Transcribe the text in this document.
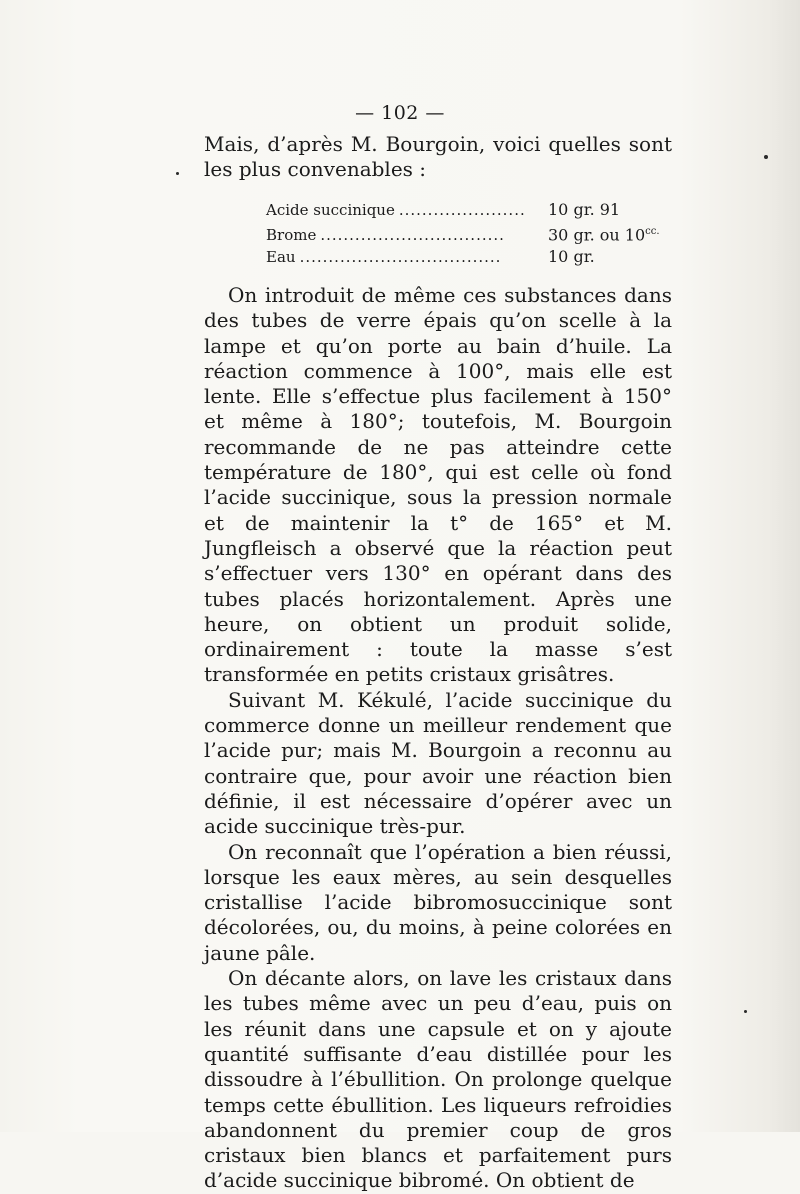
— 102 —

Mais, d’après M. Bourgoin, voici quelles sont les plus convenables :

Acide succinique ......................	10 gr. 91
Brome ................................	30 gr. ou $10^{cc.}$
Eau ...................................	10 gr.

On introduit de même ces substances dans des tubes de verre épais qu’on scelle à la lampe et qu’on porte au bain d’huile. La réaction commence à 100°, mais elle est lente. Elle s’effectue plus facilement à 150° et même à 180°; toutefois, M. Bourgoin recommande de ne pas atteindre cette température de 180°, qui est celle où fond l’acide succinique, sous la pression normale et de maintenir la t° de 165° et M. Jungfleisch a observé que la réaction peut s’effectuer vers 130° en opérant dans des tubes placés horizontalement. Après une heure, on obtient un produit solide, ordinairement : toute la masse s’est transformée en petits cristaux grisâtres.

Suivant M. Kékulé, l’acide succinique du commerce donne un meilleur rendement que l’acide pur; mais M. Bourgoin a reconnu au contraire que, pour avoir une réaction bien définie, il est nécessaire d’opérer avec un acide succinique très-pur.

On reconnaît que l’opération a bien réussi, lorsque les eaux mères, au sein desquelles cristallise l’acide bibromosuccinique sont décolorées, ou, du moins, à peine colorées en jaune pâle.

On décante alors, on lave les cristaux dans les tubes même avec un peu d’eau, puis on les réunit dans une capsule et on y ajoute quantité suffisante d’eau distillée pour les dissoudre à l’ébullition. On prolonge quelque temps cette ébullition. Les liqueurs refroidies abandonnent du premier coup de gros cristaux bien blancs et parfaitement purs d’acide succinique bibromé. On obtient de
